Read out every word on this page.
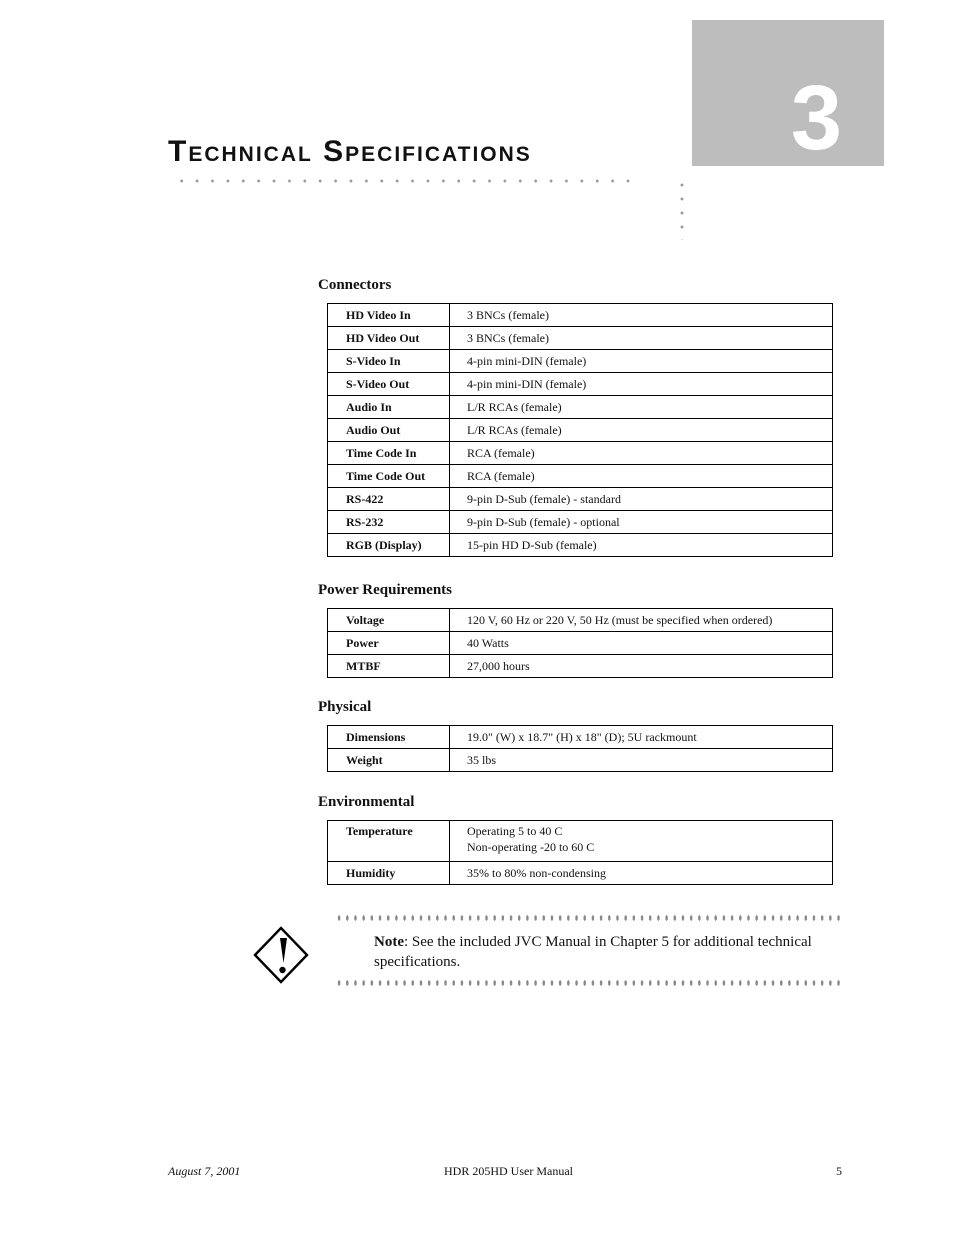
3
Technical Specifications
Connectors
HD Video In	3 BNCs (female)
HD Video Out	3 BNCs (female)
S-Video In	4-pin mini-DIN (female)
S-Video Out	4-pin mini-DIN (female)
Audio In	L/R RCAs (female)
Audio Out	L/R RCAs (female)
Time Code In	RCA (female)
Time Code Out	RCA (female)
RS-422	9-pin D-Sub (female) - standard
RS-232	9-pin D-Sub (female) - optional
RGB (Display)	15-pin HD D-Sub (female)
Power Requirements
Voltage	120 V, 60 Hz or 220 V, 50 Hz (must be specified when ordered)
Power	40 Watts
MTBF	27,000 hours
Physical
Dimensions	19.0" (W) x 18.7" (H) x 18" (D); 5U rackmount
Weight	35 lbs
Environmental
Temperature	Operating 5 to 40 C
Non-operating -20 to 60 C

Humidity	35% to 80% non-condensing
Note: See the included JVC Manual in Chapter 5 for additional technical specifications.
August 7, 2001	HDR 205HD User Manual	5
